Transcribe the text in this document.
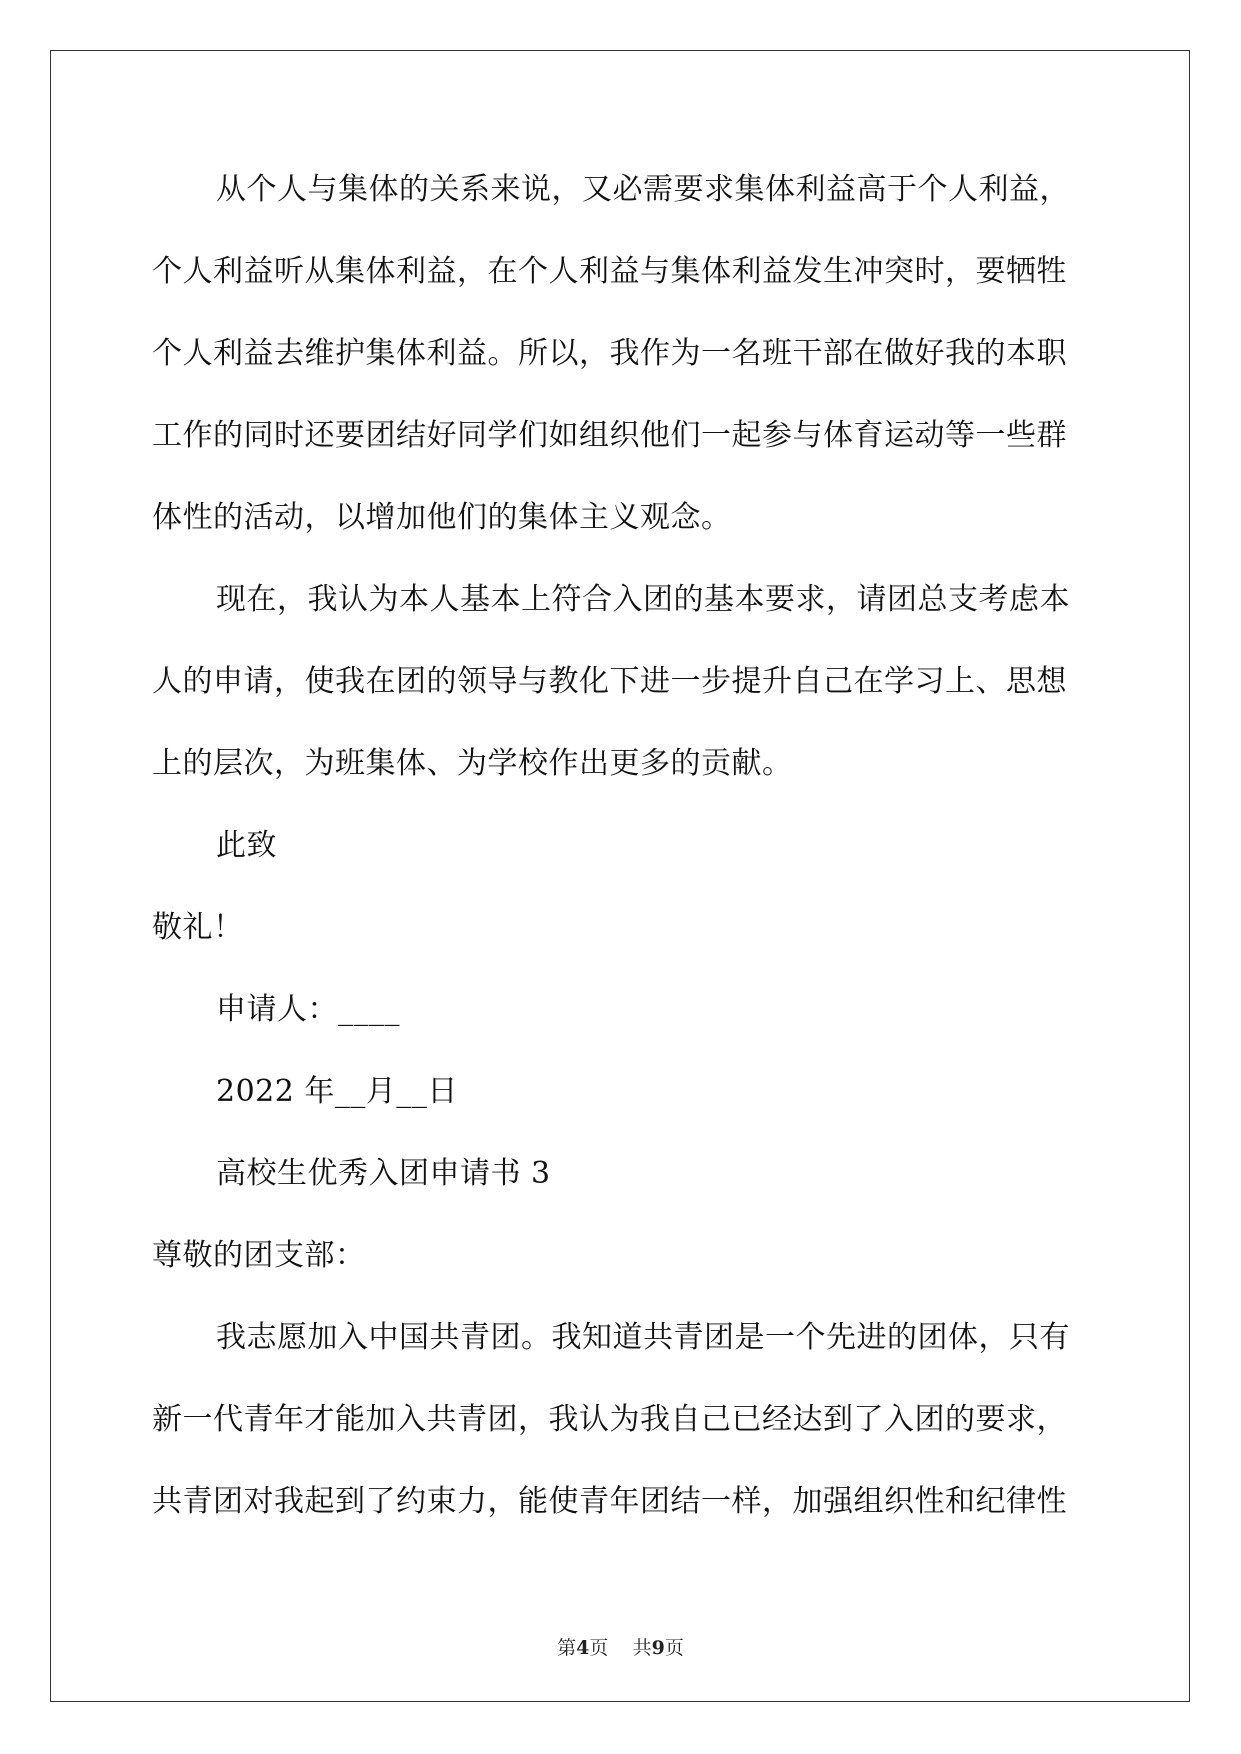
从个人与集体的关系来说，又必需要求集体利益高于个人利益，
个人利益听从集体利益，在个人利益与集体利益发生冲突时，要牺牲
个人利益去维护集体利益。所以，我作为一名班干部在做好我的本职
工作的同时还要团结好同学们如组织他们一起参与体育运动等一些群
体性的活动，以增加他们的集体主义观念。
现在，我认为本人基本上符合入团的基本要求，请团总支考虑本
人的申请，使我在团的领导与教化下进一步提升自己在学习上、思想
上的层次，为班集体、为学校作出更多的贡献。
此致
敬礼！
申请人：____
2022 年__月__日
高校生优秀入团申请书 3
尊敬的团支部：
我志愿加入中国共青团。我知道共青团是一个先进的团体，只有
新一代青年才能加入共青团，我认为我自己已经达到了入团的要求，
共青团对我起到了约束力，能使青年团结一样，加强组织性和纪律性
第4页    共9页
